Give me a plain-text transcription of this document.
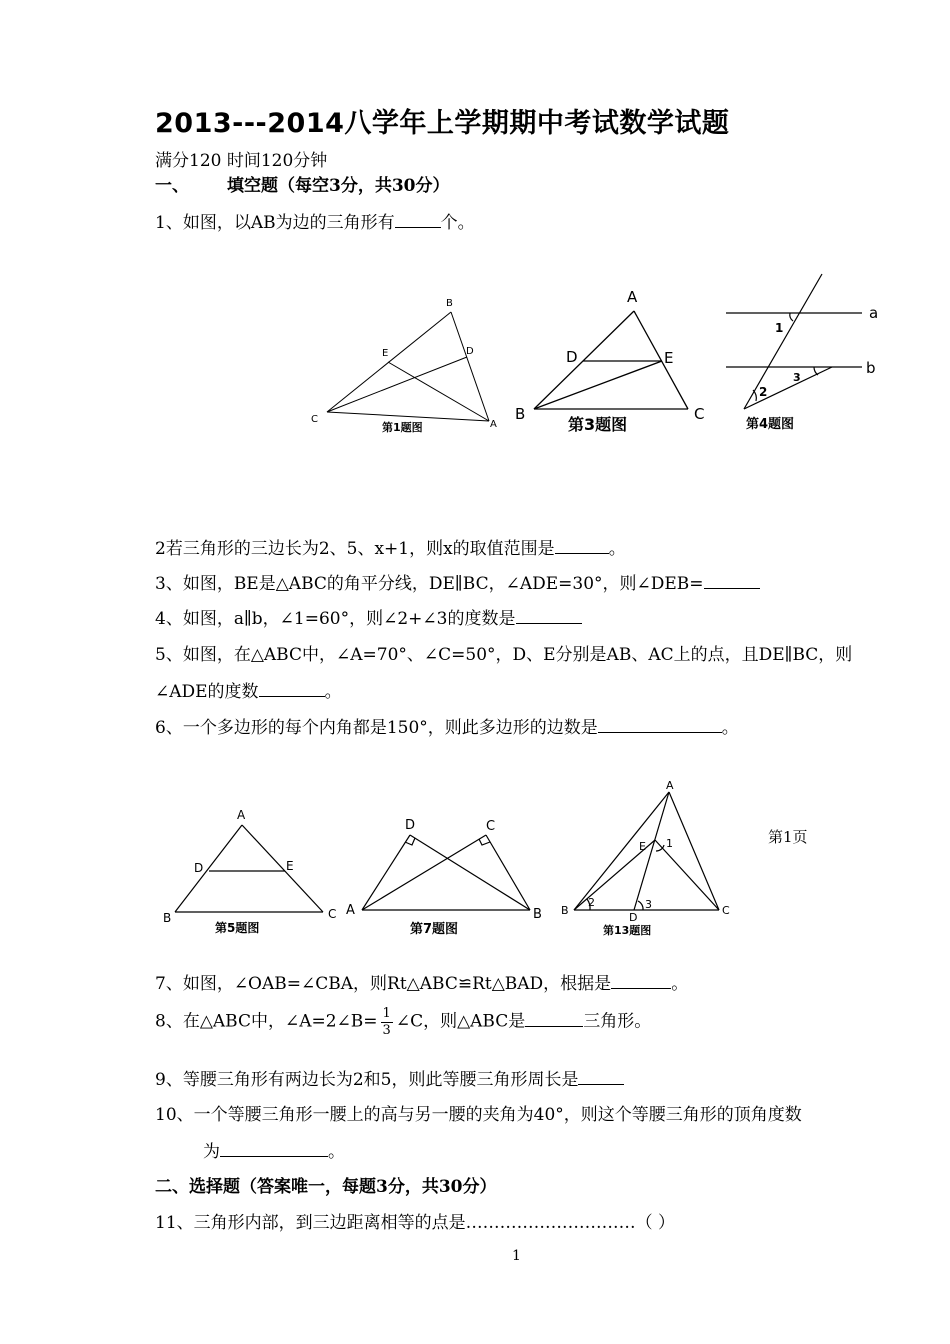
2013---2014八学年上学期期中考试数学试题
满分120 时间120分钟
一、 填空题（每空3分，共30分）
1、如图，以AB为边的三角形有	个。
B
E	D
C	A
第1题图
A
D	E
B	C
第3题图
a
b
1
2
3
第4题图
2若三角形的三边长为2、5、x+1，则x的取值范围是	。
3、如图，BE是△ABC的角平分线，DE∥BC，∠ADE=30°，则∠DEB=
4、如图，a∥b，∠1=60°，则∠2+∠3的度数是
5、如图，在△ABC中，∠A=70°、∠C=50°，D、E分别是AB、AC上的点，且DE∥BC，则
∠ADE的度数	。
6、一个多边形的每个内角都是150°，则此多边形的边数是	。
A
D	E
B	C
第5题图
D	C
A	B
第7题图
A
E 1
B
2
D
3	C
第13题图
第1页
7、如图，∠OAB=∠CBA，则Rt△ABC≌Rt△BAD，根据是	。
8、在△ABC中，∠A=2∠B= $\frac{1}{3}$ ∠C，则△ABC是	三角形。
9、等腰三角形有两边长为2和5，则此等腰三角形周长是
10、一个等腰三角形一腰上的高与另一腰的夹角为40°，则这个等腰三角形的顶角度数
为	。
二、选择题（答案唯一，每题3分，共30分）
11、三角形内部，到三边距离相等的点是…………………………（ ）
1
